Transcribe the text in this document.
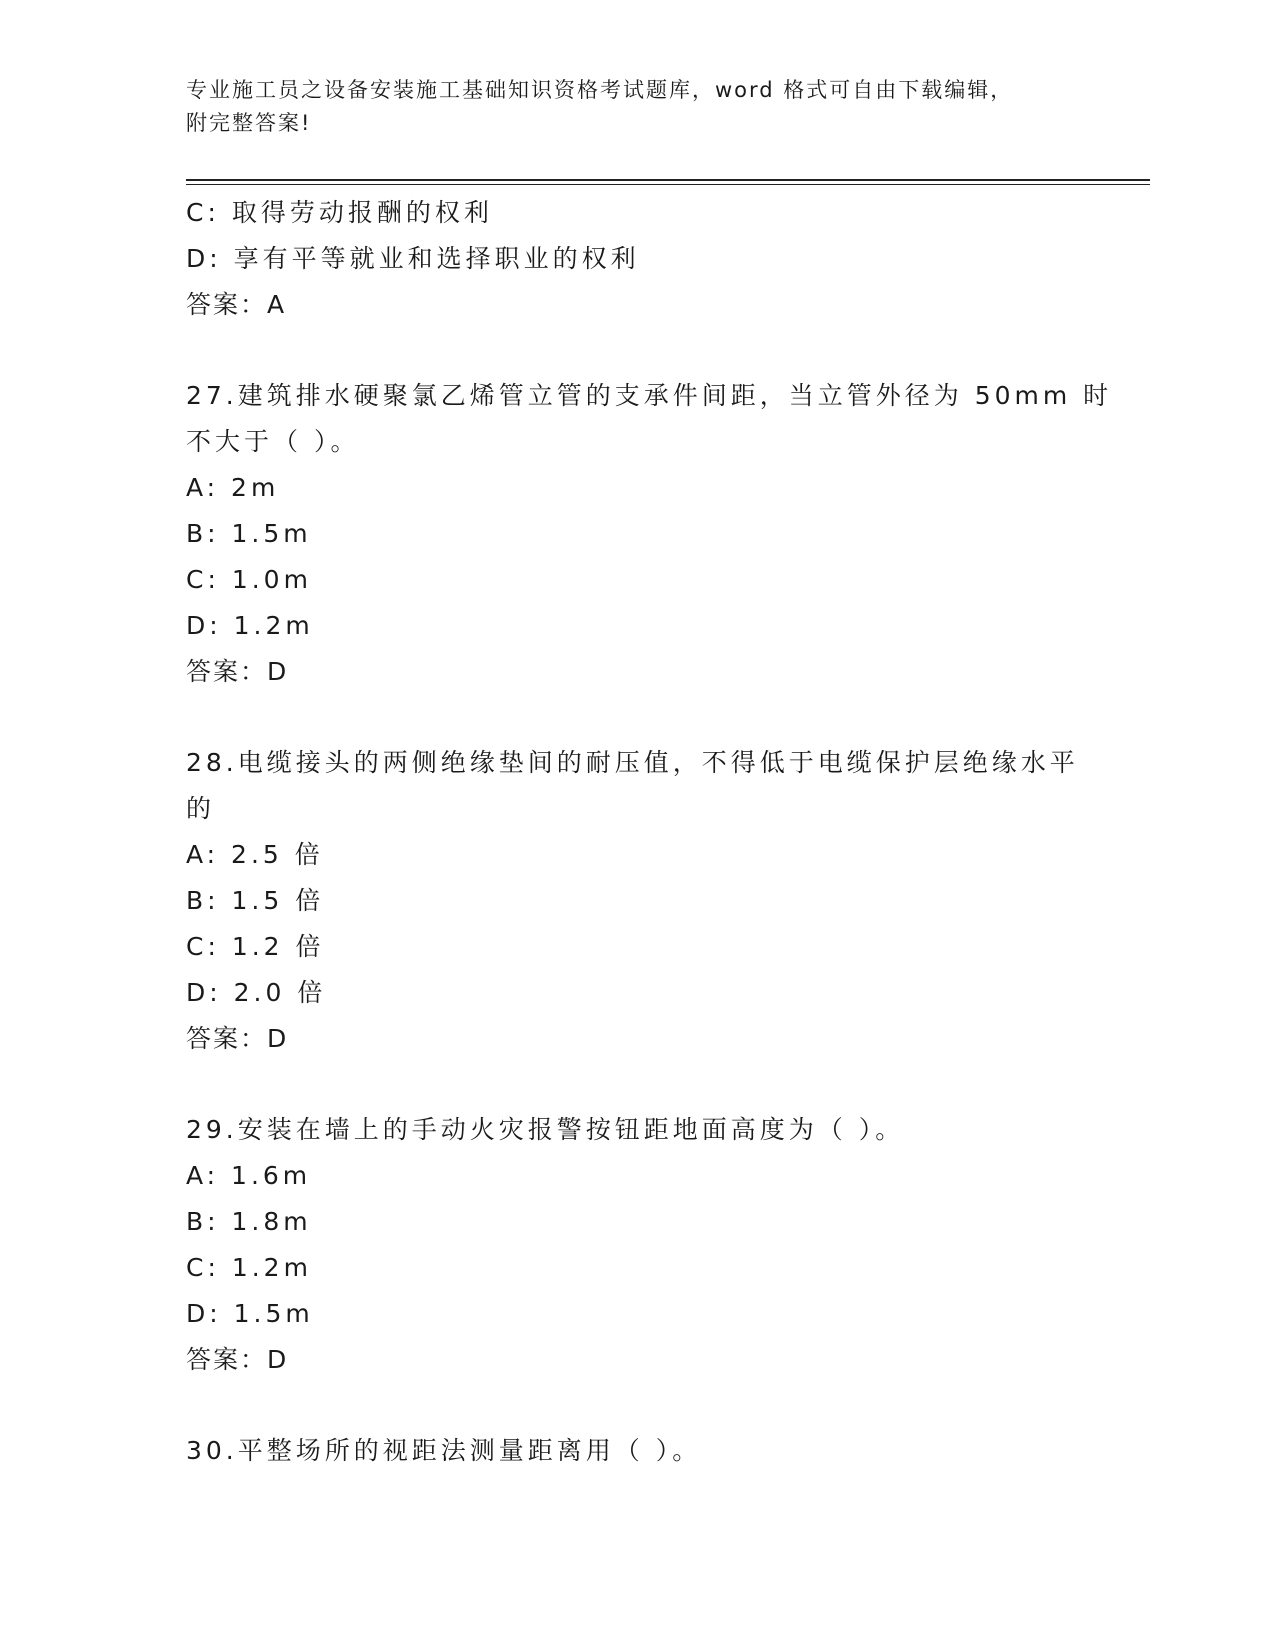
专业施工员之设备安装施工基础知识资格考试题库，word 格式可自由下载编辑，
附完整答案!
C: 取得劳动报酬的权利
D: 享有平等就业和选择职业的权利
答案：A
27.建筑排水硬聚氯乙烯管立管的支承件间距，当立管外径为 50mm 时
不大于（ ）。
A: 2m
B: 1.5m
C: 1.0m
D: 1.2m
答案：D
28.电缆接头的两侧绝缘垫间的耐压值，不得低于电缆保护层绝缘水平
的
A: 2.5 倍
B: 1.5 倍
C: 1.2 倍
D: 2.0 倍
答案：D
29.安装在墙上的手动火灾报警按钮距地面高度为（ ）。
A: 1.6m
B: 1.8m
C: 1.2m
D: 1.5m
答案：D
30.平整场所的视距法测量距离用（ ）。
